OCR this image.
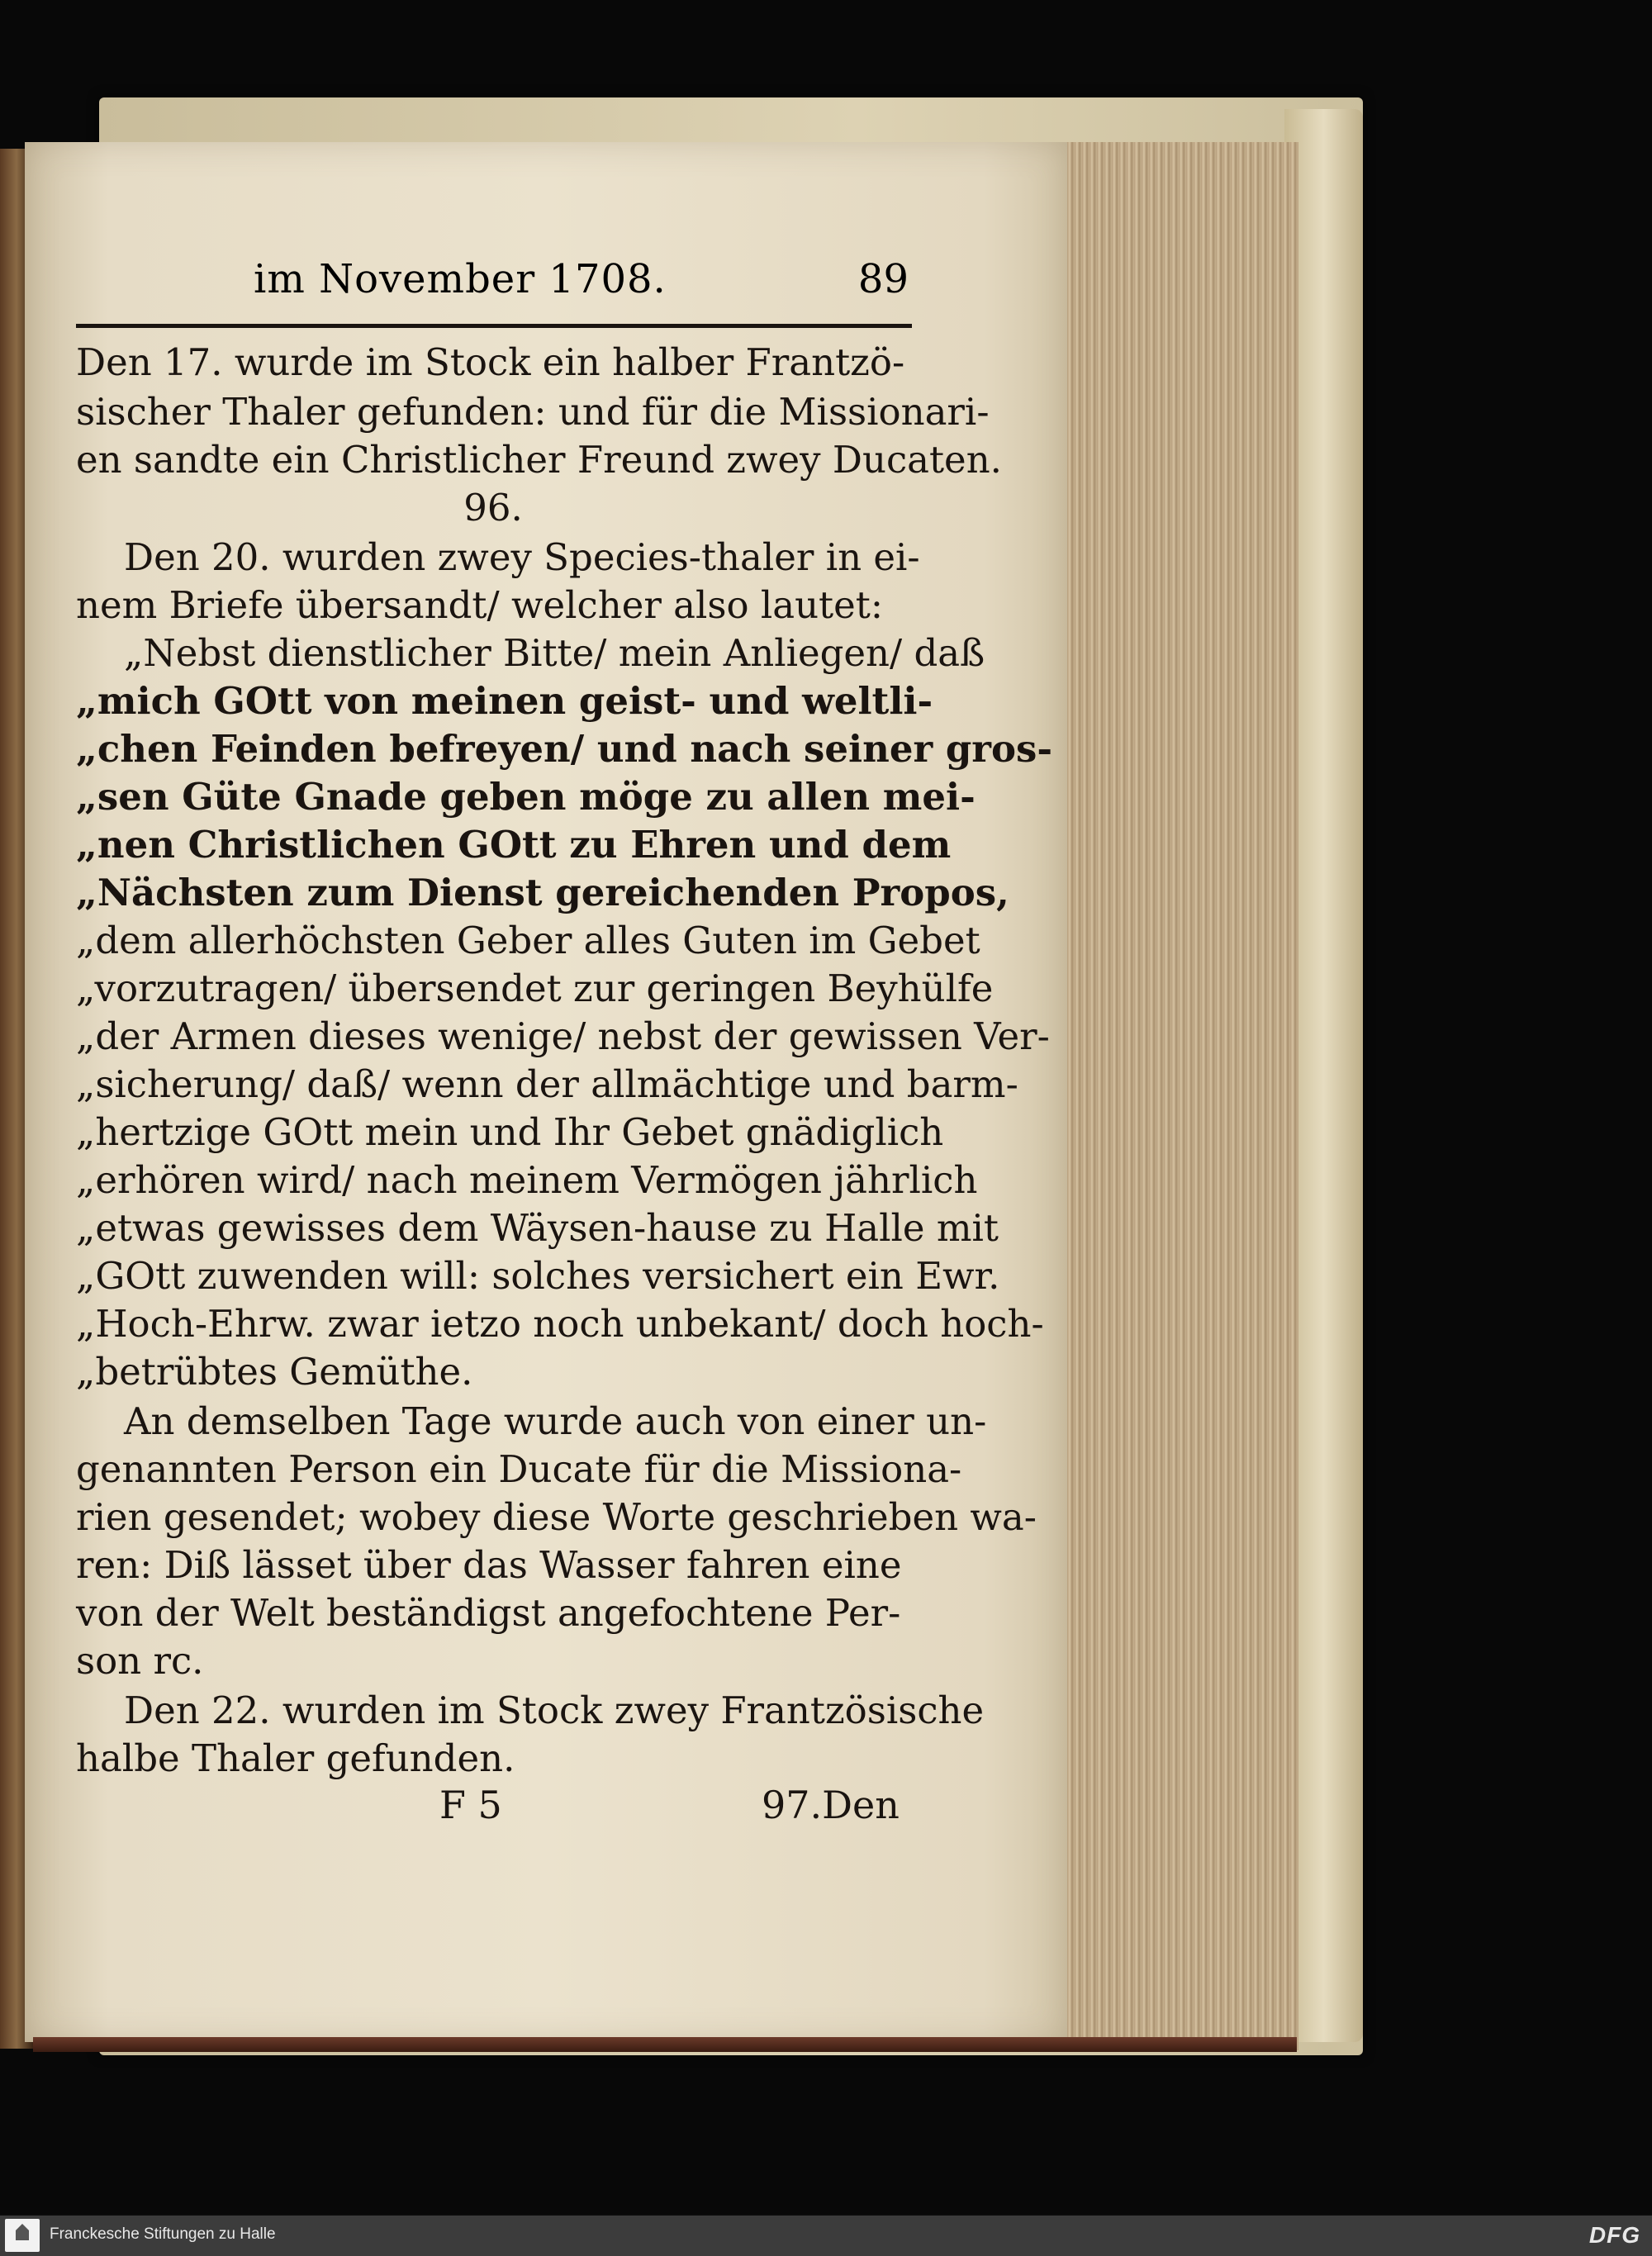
im November 1708.	89
Den 17. wurde im Stock ein halber Frantzö-
sischer Thaler gefunden: und für die Missionari-
en sandte ein Christlicher Freund zwey Ducaten.
96.
Den 20. wurden zwey Species-thaler in ei-
nem Briefe übersandt/ welcher also lautet:
„Nebst dienstlicher Bitte/ mein Anliegen/ daß
„mich GOtt von meinen geist- und weltli-
„chen Feinden befreyen/ und nach seiner gros-
„sen Güte Gnade geben möge zu allen mei-
„nen Christlichen GOtt zu Ehren und dem
„Nächsten zum Dienst gereichenden Propos,
„dem allerhöchsten Geber alles Guten im Gebet
„vorzutragen/ übersendet zur geringen Beyhülfe
„der Armen dieses wenige/ nebst der gewissen Ver-
„sicherung/ daß/ wenn der allmächtige und barm-
„hertzige GOtt mein und Ihr Gebet gnädiglich
„erhören wird/ nach meinem Vermögen jährlich
„etwas gewisses dem Wäysen-hause zu Halle mit
„GOtt zuwenden will: solches versichert ein Ewr.
„Hoch-Ehrw. zwar ietzo noch unbekant/ doch hoch-
„betrübtes Gemüthe.
An demselben Tage wurde auch von einer un-
genannten Person ein Ducate für die Missiona-
rien gesendet; wobey diese Worte geschrieben wa-
ren: Diß lässet über das Wasser fahren eine
von der Welt beständigst angefochtene Per-
son rc.
Den 22. wurden im Stock zwey Frantzösische
halbe Thaler gefunden.
F 5	97.Den
Franckesche Stiftungen zu Halle	DFG
